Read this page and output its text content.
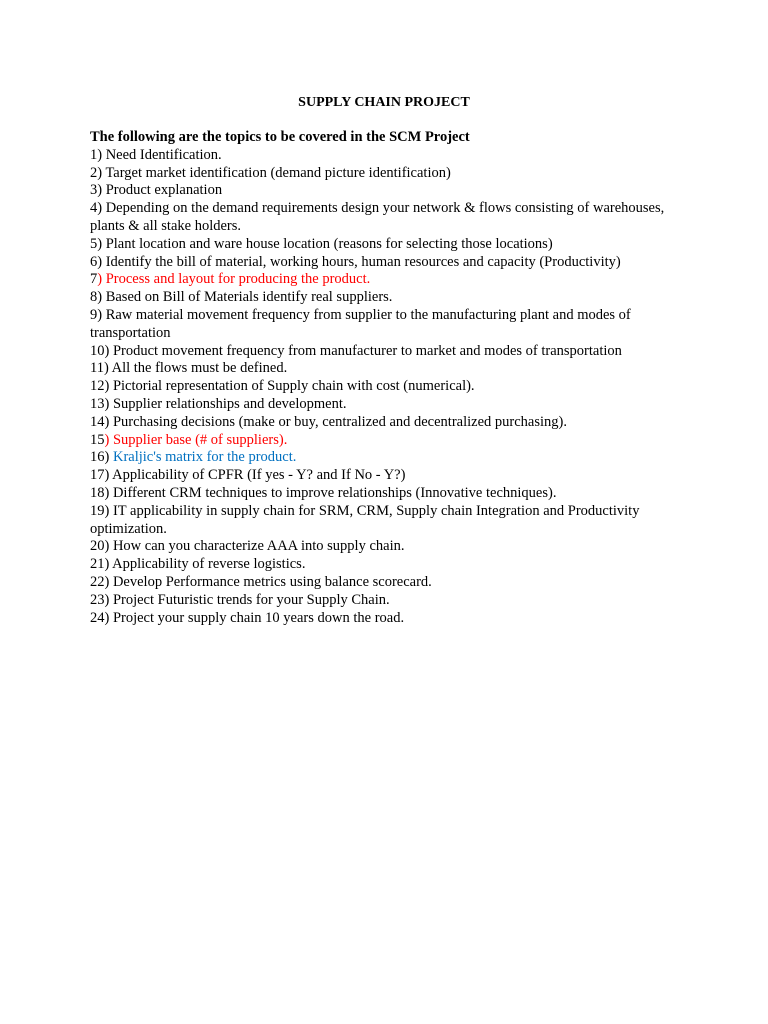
SUPPLY CHAIN PROJECT
The following are the topics to be covered in the SCM Project
1) Need Identification.
2) Target market identification (demand picture identification)
3) Product explanation
4) Depending on the demand requirements design your network & flows consisting of warehouses, plants & all stake holders.
5) Plant location and ware house location (reasons for selecting those locations)
6) Identify the bill of material, working hours, human resources and capacity (Productivity)
7) Process and layout for producing the product.
8) Based on Bill of Materials identify real suppliers.
9) Raw material movement frequency from supplier to the manufacturing plant and modes of transportation
10) Product movement frequency from manufacturer to market and modes of transportation
11) All the flows must be defined.
12) Pictorial representation of Supply chain with cost (numerical).
13) Supplier relationships and development.
14) Purchasing decisions (make or buy, centralized and decentralized purchasing).
15) Supplier base (# of suppliers).
16) Kraljic's matrix for the product.
17) Applicability of CPFR (If yes - Y? and If No - Y?)
18) Different CRM techniques to improve relationships (Innovative techniques).
19) IT applicability in supply chain for SRM, CRM, Supply chain Integration and Productivity optimization.
20) How can you characterize AAA into supply chain.
21) Applicability of reverse logistics.
22) Develop Performance metrics using balance scorecard.
23) Project Futuristic trends for your Supply Chain.
24) Project your supply chain 10 years down the road.
